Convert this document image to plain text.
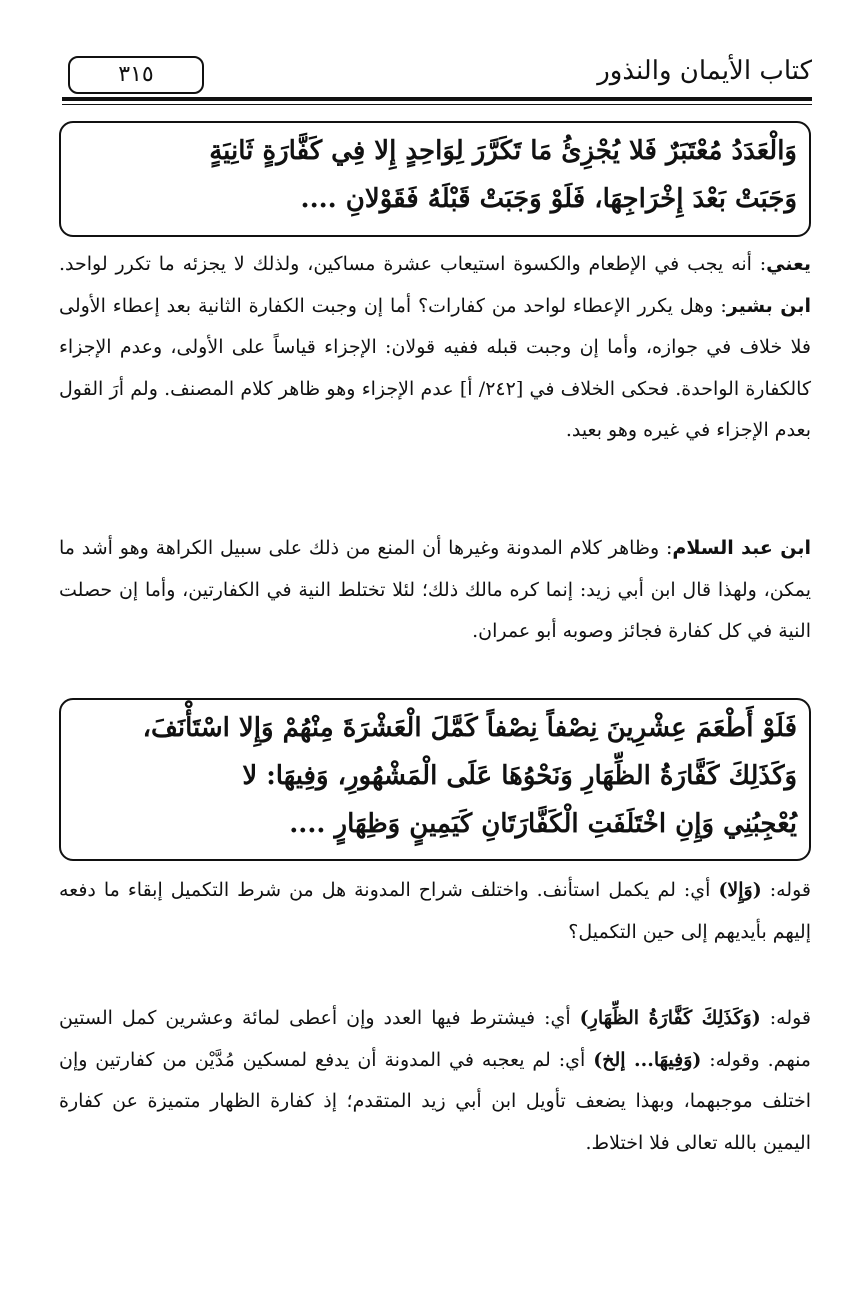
٣١٥	كتاب الأيمان والنذور
وَالْعَدَدُ مُعْتَبَرٌ فَلا يُجْزِئُ مَا تَكَرَّرَ لِوَاحِدٍ إِلا فِي كَفَّارَةٍ ثَانِيَةٍ
وَجَبَتْ بَعْدَ إِخْرَاجِهَا، فَلَوْ وَجَبَتْ قَبْلَهُ فَقَوْلانِ ....

يعني: أنه يجب في الإطعام والكسوة استيعاب عشرة مساكين، ولذلك لا يجزئه ما تكرر لواحد. ابن بشير: وهل يكرر الإعطاء لواحد من كفارات؟ أما إن وجبت الكفارة الثانية بعد إعطاء الأولى فلا خلاف في جوازه، وأما إن وجبت قبله ففيه قولان: الإجزاء قياساً على الأولى، وعدم الإجزاء كالكفارة الواحدة. فحكى الخلاف في [٢٤٢/ أ] عدم الإجزاء وهو ظاهر كلام المصنف. ولم أرَ القول بعدم الإجزاء في غيره وهو بعيد.

ابن عبد السلام: وظاهر كلام المدونة وغيرها أن المنع من ذلك على سبيل الكراهة وهو أشد ما يمكن، ولهذا قال ابن أبي زيد: إنما كره مالك ذلك؛ لئلا تختلط النية في الكفارتين، وأما إن حصلت النية في كل كفارة فجائز وصوبه أبو عمران.

فَلَوْ أَطْعَمَ عِشْرِينَ نِصْفاً نِصْفاً كَمَّلَ الْعَشْرَةَ مِنْهُمْ وَإِلا اسْتَأْنَفَ،
وَكَذَلِكَ كَفَّارَةُ الظِّهَارِ وَنَحْوُهَا عَلَى الْمَشْهُورِ، وَفِيهَا: لا
يُعْجِبُنِي وَإِنِ اخْتَلَفَتِ الْكَفَّارَتَانِ كَيَمِينٍ وَظِهَارٍ ....

قوله: (وَإِلا) أي: لم يكمل استأنف. واختلف شراح المدونة هل من شرط التكميل إبقاء ما دفعه إليهم بأيديهم إلى حين التكميل؟

قوله: (وَكَذَلِكَ كَفَّارَةُ الظِّهَارِ) أي: فيشترط فيها العدد وإن أعطى لمائة وعشرين كمل الستين منهم. وقوله: (وَفِيهَا... إلخ) أي: لم يعجبه في المدونة أن يدفع لمسكين مُدَّيْن من كفارتين وإن اختلف موجبهما، وبهذا يضعف تأويل ابن أبي زيد المتقدم؛ إذ كفارة الظهار متميزة عن كفارة اليمين بالله تعالى فلا اختلاط.
